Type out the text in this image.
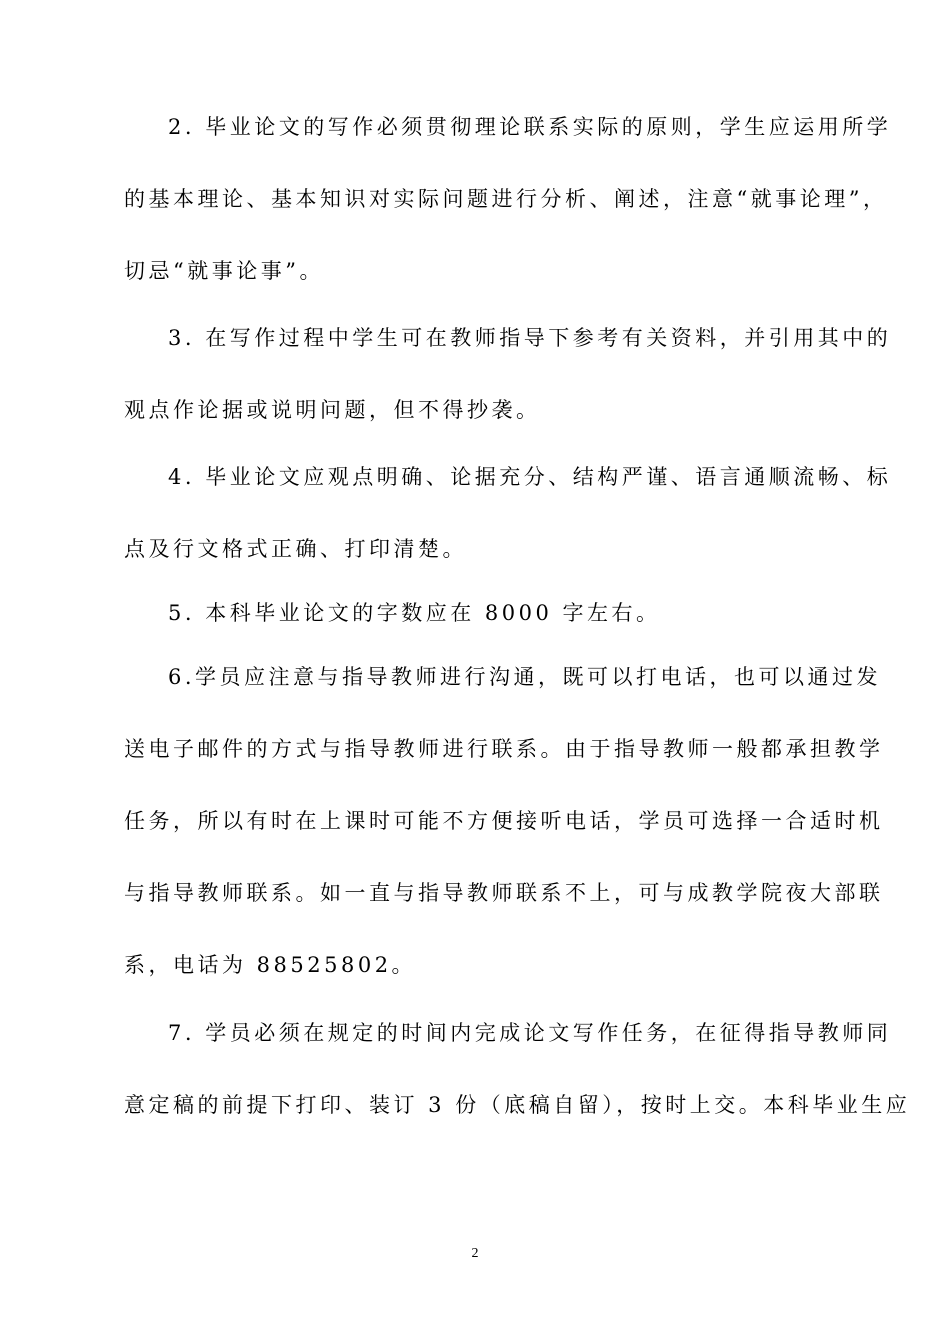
2. 毕业论文的写作必须贯彻理论联系实际的原则，学生应运用所学
的基本理论、基本知识对实际问题进行分析、阐述，注意“就事论理”，
切忌“就事论事”。
3. 在写作过程中学生可在教师指导下参考有关资料，并引用其中的
观点作论据或说明问题，但不得抄袭。
4. 毕业论文应观点明确、论据充分、结构严谨、语言通顺流畅、标
点及行文格式正确、打印清楚。
5. 本科毕业论文的字数应在 8000 字左右。
6.学员应注意与指导教师进行沟通，既可以打电话，也可以通过发
送电子邮件的方式与指导教师进行联系。由于指导教师一般都承担教学
任务，所以有时在上课时可能不方便接听电话，学员可选择一合适时机
与指导教师联系。如一直与指导教师联系不上，可与成教学院夜大部联
系，电话为 88525802。
7. 学员必须在规定的时间内完成论文写作任务，在征得指导教师同
意定稿的前提下打印、装订 3 份（底稿自留），按时上交。本科毕业生应
2
